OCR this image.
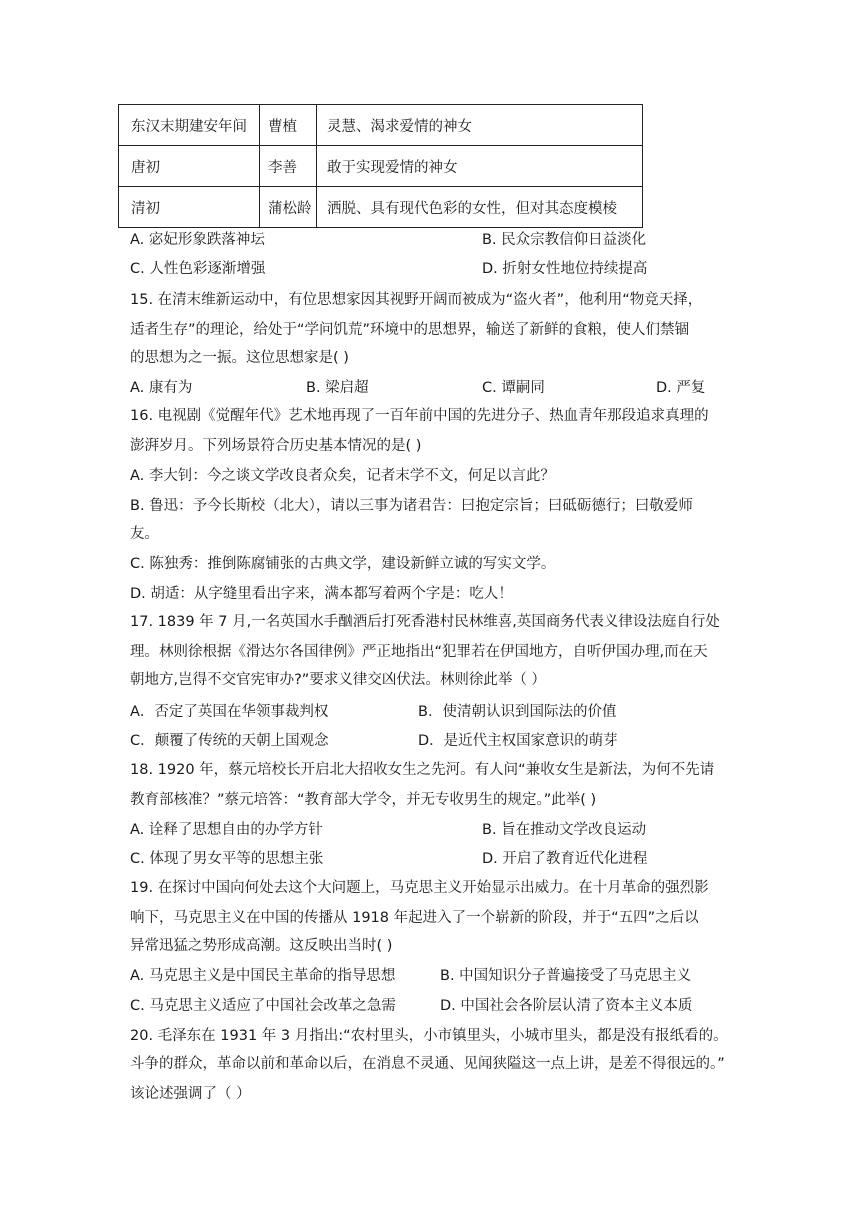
东汉末期建安年间	曹植	灵慧、渴求爱情的神女
唐初	李善	敢于实现爱情的神女
清初	蒲松龄	洒脱、具有现代色彩的女性，但对其态度模棱
A. 宓妃形象跌落神坛	B. 民众宗教信仰日益淡化
C. 人性色彩逐渐增强	D. 折射女性地位持续提高
15. 在清末维新运动中，有位思想家因其视野开阔而被成为“盗火者”，他利用“物竞天择，
适者生存”的理论，给处于“学问饥荒”环境中的思想界，输送了新鲜的食粮，使人们禁锢
的思想为之一振。这位思想家是( )
A. 康有为	B. 梁启超	C. 谭嗣同	D. 严复
16. 电视剧《觉醒年代》艺术地再现了一百年前中国的先进分子、热血青年那段追求真理的
澎湃岁月。下列场景符合历史基本情况的是( )
A. 李大钊：今之谈文学改良者众矣，记者末学不文，何足以言此？
B. 鲁迅：予今长斯校（北大），请以三事为诸君告：曰抱定宗旨；曰砥砺德行；曰敬爱师
友。
C. 陈独秀：推倒陈腐铺张的古典文学，建设新鲜立诚的写实文学。
D. 胡适：从字缝里看出字来，满本都写着两个字是：吃人！
17. 1839 年 7 月,一名英国水手酗酒后打死香港村民林维喜,英国商务代表义律设法庭自行处
理。林则徐根据《滑达尔各国律例》严正地指出“犯罪若在伊国地方，自听伊国办理,而在天
朝地方,岂得不交官宪审办?”要求义律交凶伏法。林则徐此举（ ）
A．否定了英国在华领事裁判权	B．使清朝认识到国际法的价值
C．颠覆了传统的天朝上国观念	D．是近代主权国家意识的萌芽
18. 1920 年，蔡元培校长开启北大招收女生之先河。有人问“兼收女生是新法，为何不先请
教育部核准？”蔡元培答：“教育部大学令，并无专收男生的规定。”此举( )
A. 诠释了思想自由的办学方针	B. 旨在推动文学改良运动
C. 体现了男女平等的思想主张	D. 开启了教育近代化进程
19. 在探讨中国向何处去这个大问题上，马克思主义开始显示出威力。在十月革命的强烈影
响下，马克思主义在中国的传播从 1918 年起进入了一个崭新的阶段，并于“五四”之后以
异常迅猛之势形成高潮。这反映出当时( )
A. 马克思主义是中国民主革命的指导思想	B. 中国知识分子普遍接受了马克思主义
C. 马克思主义适应了中国社会改革之急需	D. 中国社会各阶层认清了资本主义本质
20. 毛泽东在 1931 年 3 月指出:“农村里头，小市镇里头，小城市里头，都是没有报纸看的。
斗争的群众，革命以前和革命以后，在消息不灵通、见闻狭隘这一点上讲，是差不得很远的。”
该论述强调了（ ）
